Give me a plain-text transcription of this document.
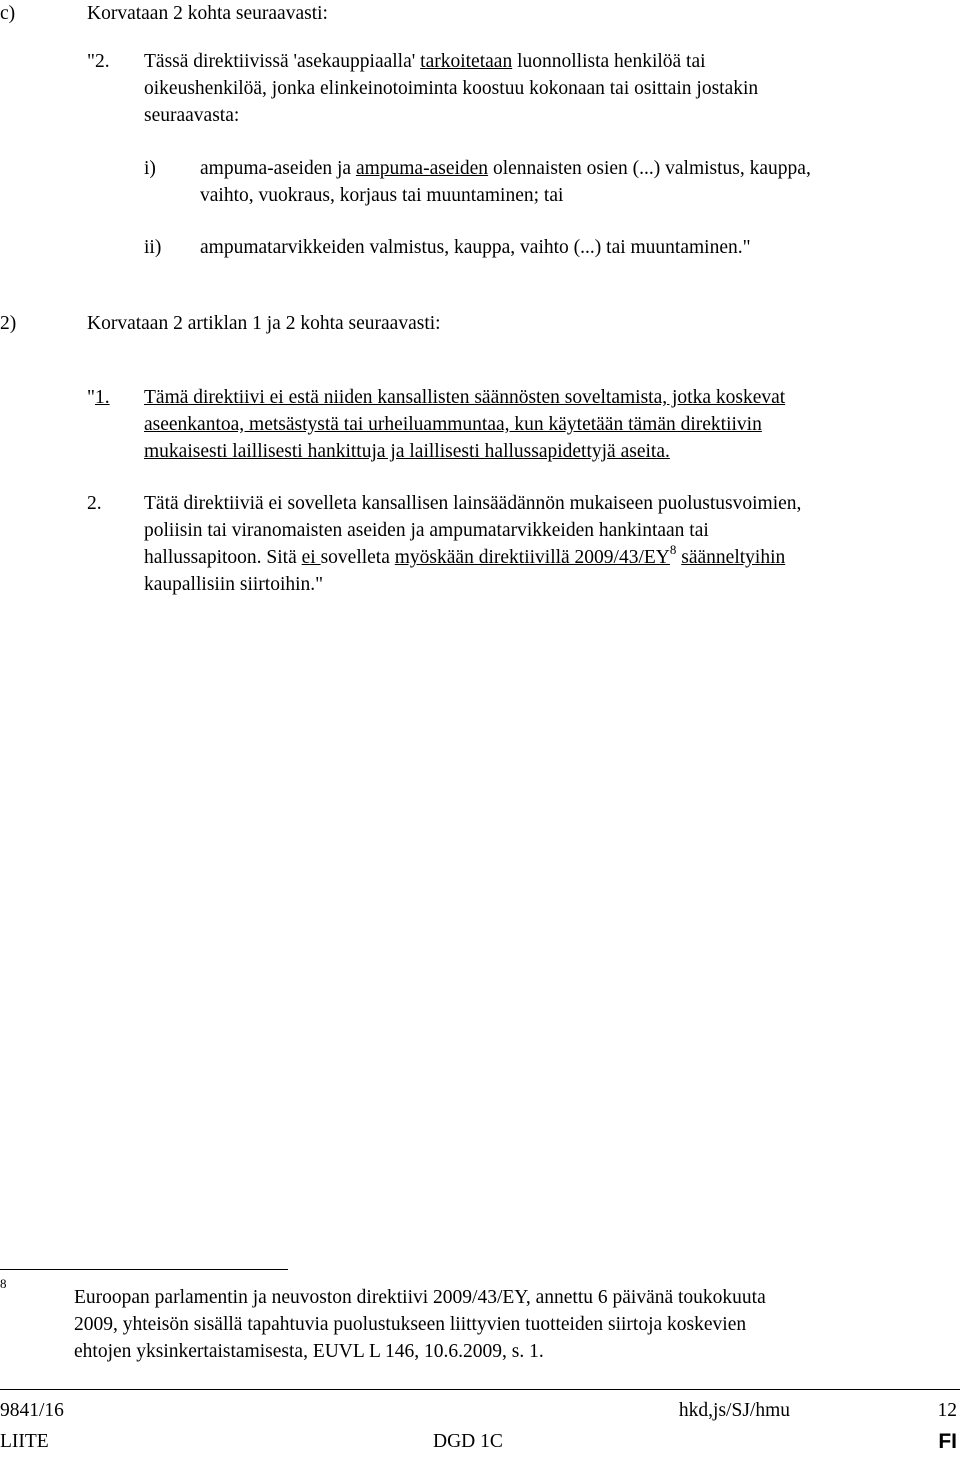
c)	Korvataan 2 kohta seuraavasti:
"2. Tässä direktiivissä 'asekauppiaalla' tarkoitetaan luonnollista henkilöä tai
oikeushenkilöä, jonka elinkeinotoiminta koostuu kokonaan tai osittain jostakin
seuraavasta:
i) ampuma-aseiden ja ampuma-aseiden olennaisten osien (...) valmistus, kauppa,
vaihto, vuokraus, korjaus tai muuntaminen; tai
ii) ampumatarvikkeiden valmistus, kauppa, vaihto (...) tai muuntaminen."
2)	Korvataan 2 artiklan 1 ja 2 kohta seuraavasti:
"1. Tämä direktiivi ei estä niiden kansallisten säännösten soveltamista, jotka koskevat
aseenkantoa, metsästystä tai urheiluammuntaa, kun käytetään tämän direktiivin
mukaisesti laillisesti hankittuja ja laillisesti hallussapidettyjä aseita.
2. Tätä direktiiviä ei sovelleta kansallisen lainsäädännön mukaiseen puolustusvoimien,
poliisin tai viranomaisten aseiden ja ampumatarvikkeiden hankintaan tai
hallussapitoon. Sitä ei sovelleta myöskään direktiivillä $2009/43/EY^8$ säänneltyihin
kaupallisiin siirtoihin."
8
Euroopan parlamentin ja neuvoston direktiivi 2009/43/EY, annettu 6 päivänä toukokuuta
2009, yhteisön sisällä tapahtuvia puolustukseen liittyvien tuotteiden siirtoja koskevien
ehtojen yksinkertaistamisesta, EUVL L 146, 10.6.2009, s. 1.
9841/16	hkd,js/SJ/hmu	12
LIITE	DGD 1C	FI
